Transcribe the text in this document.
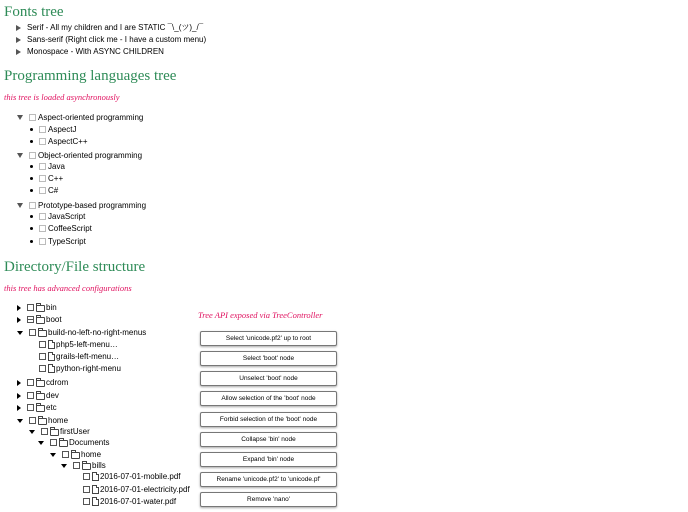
Fonts tree
Serif - All my children and I are STATIC ¯\_(ツ)_/¯
Sans-serif (Right click me - I have a custom menu)
Monospace - With ASYNC CHILDREN
Programming languages tree

this tree is loaded asynchronously

Aspect-oriented programming
AspectJ
AspectC++
Object-oriented programming
Java
C++
C#
Prototype-based programming
JavaScript
CoffeeScript
TypeScript
Directory/File structure

this tree has advanced configurations

bin
boot
build-no-left-no-right-menus
php5-left-menu…
grails-left-menu…
python-right-menu
cdrom
dev
etc
home
firstUser
Documents
home
bills
2016-07-01-mobile.pdf
2016-07-01-electricity.pdf
2016-07-01-water.pdf
Tree API exposed via TreeController
Select 'unicode.pf2' up to root
Select 'boot' node
Unselect 'boot' node
Allow selection of the 'boot' node
Forbid selection of the 'boot' node
Collapse 'bin' node
Expand 'bin' node
Rename 'unicode.pf2' to 'unicode.pf'
Remove 'nano'
